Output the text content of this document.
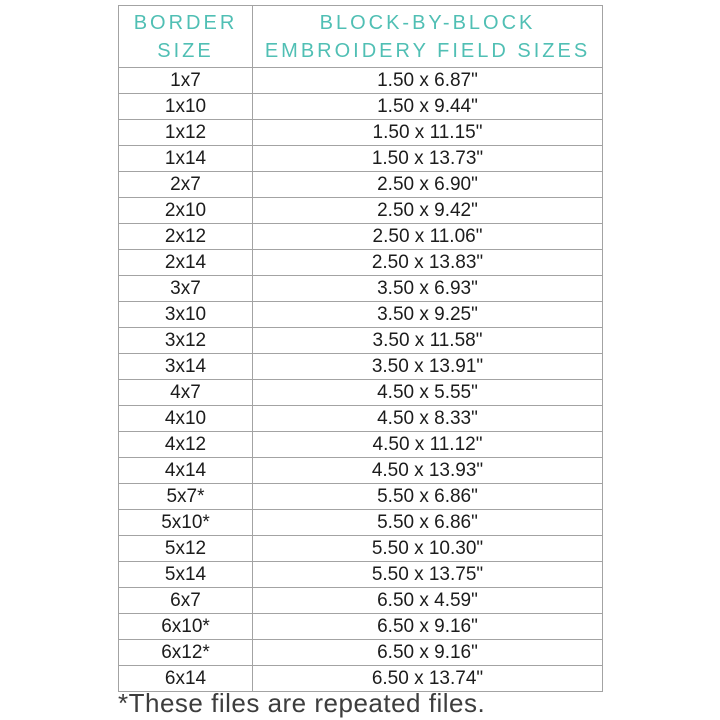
BORDER
SIZE

BLOCK-BY-BLOCK
EMBROIDERY FIELD SIZES

1x7	1.50 x 6.87"
1x10	1.50 x 9.44"
1x12	1.50 x 11.15"
1x14	1.50 x 13.73"
2x7	2.50 x 6.90"
2x10	2.50 x 9.42"
2x12	2.50 x 11.06"
2x14	2.50 x 13.83"
3x7	3.50 x 6.93"
3x10	3.50 x 9.25"
3x12	3.50 x 11.58"
3x14	3.50 x 13.91"
4x7	4.50 x 5.55"
4x10	4.50 x 8.33"
4x12	4.50 x 11.12"
4x14	4.50 x 13.93"
5x7*	5.50 x 6.86"
5x10*	5.50 x 6.86"
5x12	5.50 x 10.30"
5x14	5.50 x 13.75"
6x7	6.50 x 4.59"
6x10*	6.50 x 9.16"
6x12*	6.50 x 9.16"
6x14	6.50 x 13.74"
*These files are repeated files.
